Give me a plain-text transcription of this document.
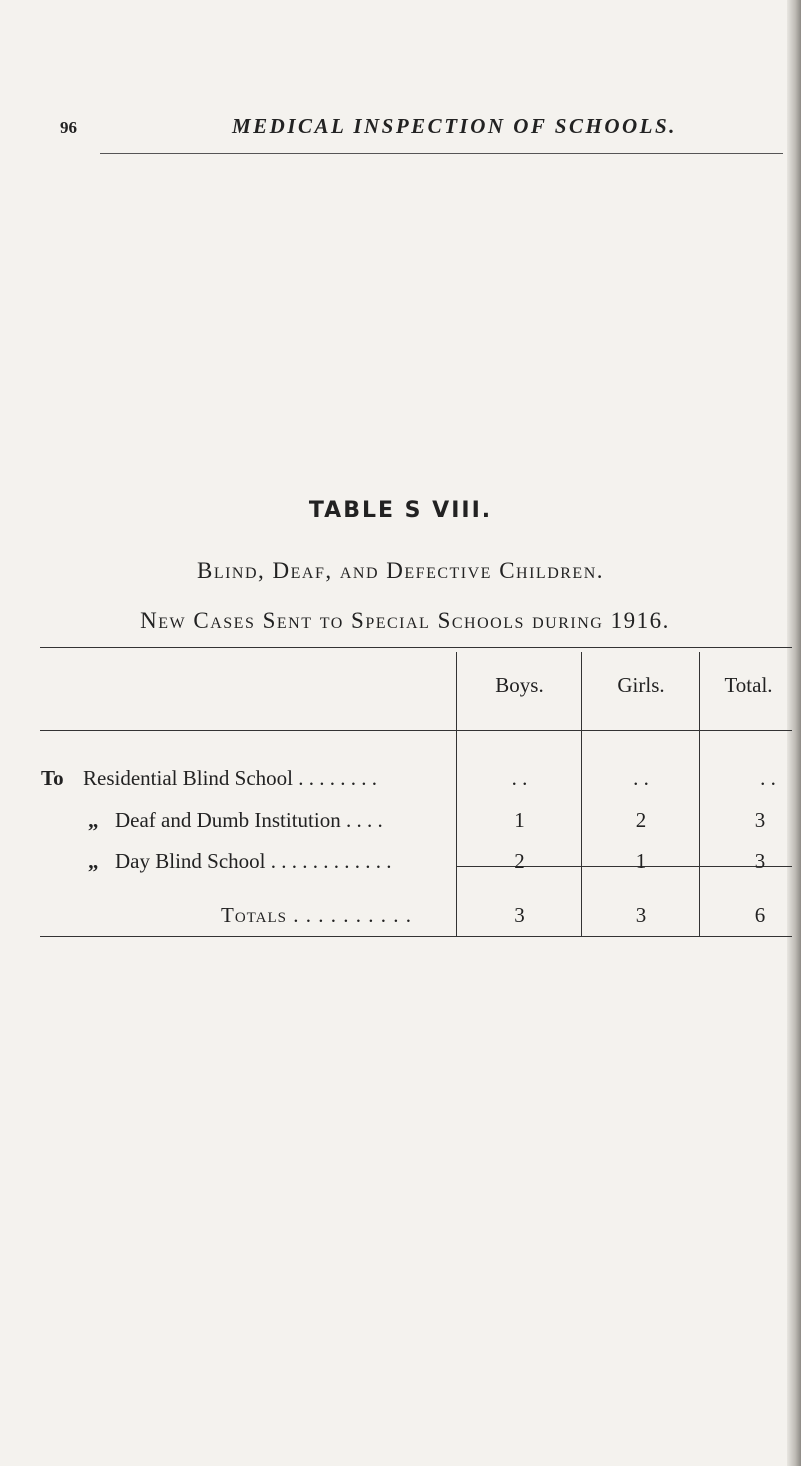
96	MEDICAL INSPECTION OF SCHOOLS.
TABLE S VIII.
Blind, Deaf, and Defective Children.
New Cases Sent to Special Schools during 1916.
Boys.	Girls.	Total.
To Residential Blind School . . . . . . . .	. .	. .	. .
„ Deaf and Dumb Institution . . . .	1	2	3
„ Day Blind School . . . . . . . . . . . .	2	1	3
Totals . . . . . . . . . .	3	3	6
